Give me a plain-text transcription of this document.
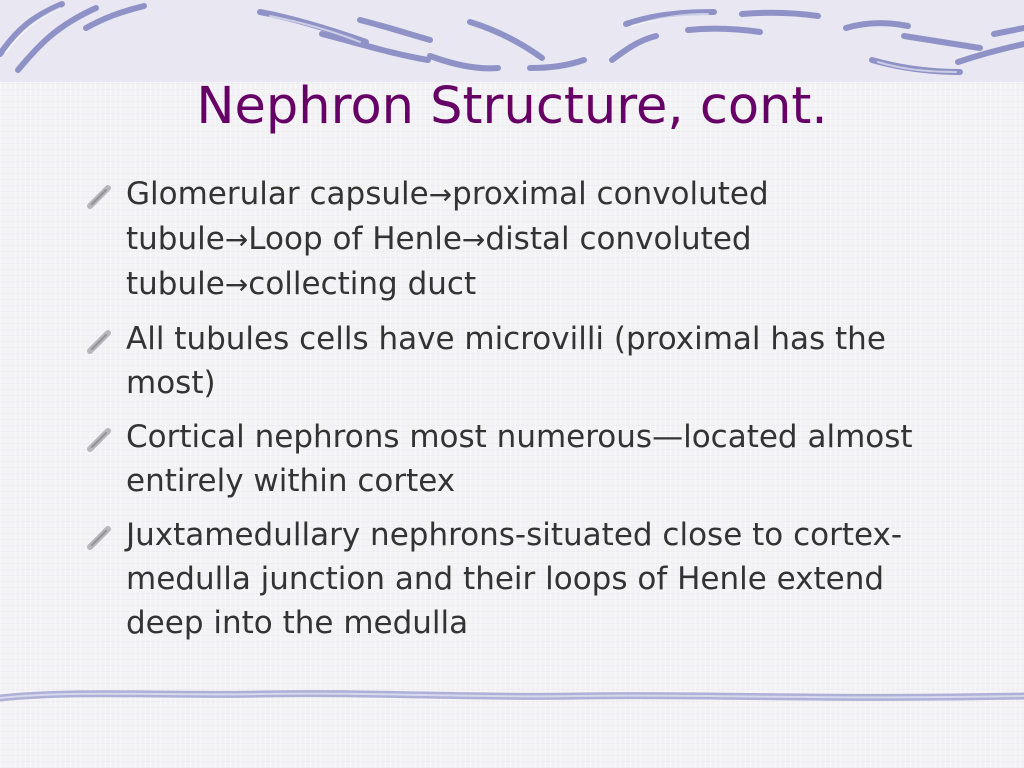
Nephron Structure, cont.
Glomerular capsule→proximal convoluted tubule→Loop of Henle→distal convoluted tubule→collecting duct
All tubules cells have microvilli (proximal has the most)
Cortical nephrons most numerous—located almost entirely within cortex
Juxtamedullary nephrons-situated close to cortex-medulla junction and their loops of Henle extend deep into the medulla
